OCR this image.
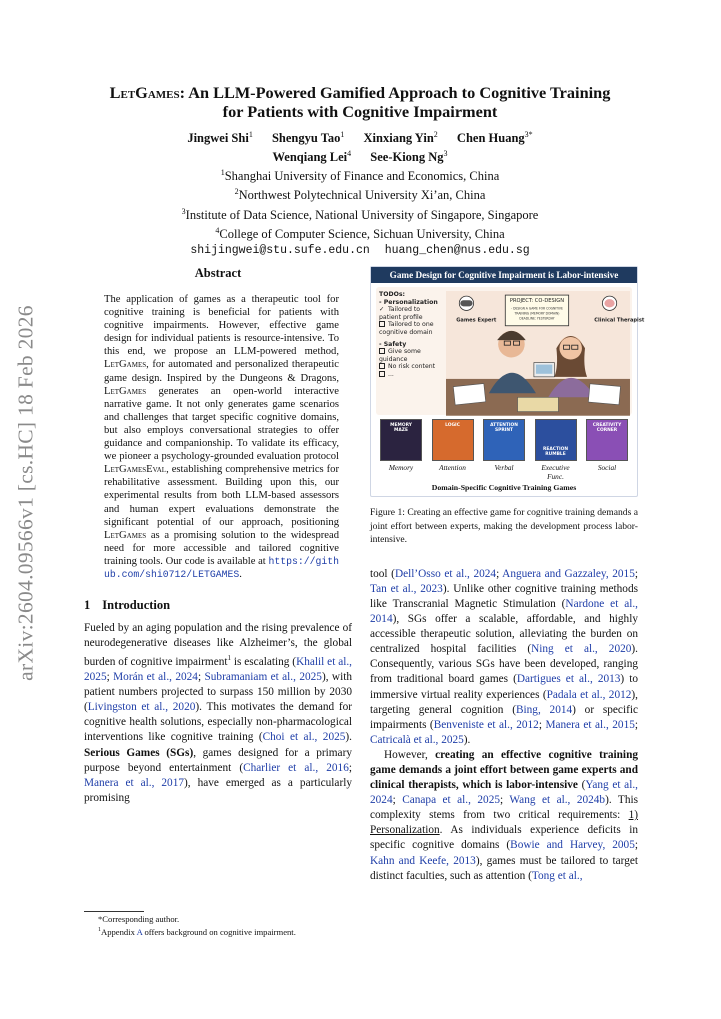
arXiv:2604.09566v1 [cs.HC] 18 Feb 2026
LetGames: An LLM-Powered Gamified Approach to Cognitive Training
for Patients with Cognitive Impairment
Jingwei Shi$^1$ Shengyu Tao$^1$ Xinxiang Yin$^2$ Chen Huang$^{3*}$
Wenqiang Lei$^4$ See-Kiong Ng$^3$
$^1$Shanghai University of Finance and Economics, China
$^2$Northwest Polytechnical University Xi’an, China
$^3$Institute of Data Science, National University of Singapore, Singapore
$^4$College of Computer Science, Sichuan University, China
shijingwei@stu.sufe.edu.cn huang_chen@nus.edu.sg
Abstract
The application of games as a therapeutic tool for cognitive training is beneficial for patients with cognitive impairments. However, effective game design for individual patients is resource-intensive. To this end, we propose an LLM-powered method, LetGames, for automated and personalized therapeutic game design. Inspired by the Dungeons & Dragons, LetGames generates an open-world interactive narrative game. It not only generates game scenarios and challenges that target specific cognitive domains, but also employs conversational strategies to offer guidance and companionship. To validate its efficacy, we pioneer a psychology-grounded evaluation protocol LetGamesEval, establishing comprehensive metrics for rehabilitative assessment. Building upon this, our experimental results from both LLM-based assessors and human expert evaluations demonstrate the significant potential of our approach, positioning LetGames as a promising solution to the widespread need for more accessible and tailored cognitive training tools. Our code is available at https://github.com/shi0712/LETGAMES.
1 Introduction
Fueled by an aging population and the rising prevalence of neurodegenerative diseases like Alzheimer’s, the global burden of cognitive impairment$^1$ is escalating (Khalil et al., 2025; Morán et al., 2024; Subramaniam et al., 2025), with patient numbers projected to surpass 150 million by 2030 (Livingston et al., 2020). This motivates the demand for cognitive health solutions, especially non-pharmacological interventions like cognitive training (Choi et al., 2025). Serious Games (SGs), games designed for a primary purpose beyond entertainment (Charlier et al., 2016; Manera et al., 2017), have emerged as a particularly promising
*Corresponding author.
$^1$Appendix A offers background on cognitive impairment.
Game Design for Cognitive Impairment is Labor-intensive
TODOs:
- Personalization
✓ Tailored to patient profile
Tailored to one cognitive domain
- Safety
Give some guidance
No risk content
...
PROJECT: CO-DESIGN
- DESIGN A GAME FOR COGNITIVE
TRAINING (MEMORY DOMAIN)
DEADLINE: YESTERDAY
Games Expert	Clinical Therapist
MEMORY MAZE
LOGIC	ATTENTION SPRINT
REACTION RUMBLE
CREATIVITY CORNER
Memory	Attention	Verbal	Executive Func.
Social
Domain-Specific Cognitive Training Games
Figure 1: Creating an effective game for cognitive training demands a joint effort between experts, making the development process labor-intensive.
tool (Dell’Osso et al., 2024; Anguera and Gazzaley, 2015; Tan et al., 2023). Unlike other cognitive training methods like Transcranial Magnetic Stimulation (Nardone et al., 2014), SGs offer a scalable, affordable, and highly accessible therapeutic solution, alleviating the burden on centralized hospital facilities (Ning et al., 2020). Consequently, various SGs have been developed, ranging from traditional board games (Dartigues et al., 2013) to immersive virtual reality experiences (Padala et al., 2012), targeting general cognition (Bing, 2014) or specific impairments (Benveniste et al., 2012; Manera et al., 2015; Catricalà et al., 2025).
However, creating an effective cognitive training game demands a joint effort between game experts and clinical therapists, which is labor-intensive (Yang et al., 2024; Canapa et al., 2025; Wang et al., 2024b). This complexity stems from two critical requirements: 1) Personalization. As individuals experience deficits in specific cognitive domains (Bowie and Harvey, 2005; Kahn and Keefe, 2013), games must be tailored to target distinct faculties, such as attention (Tong et al.,
